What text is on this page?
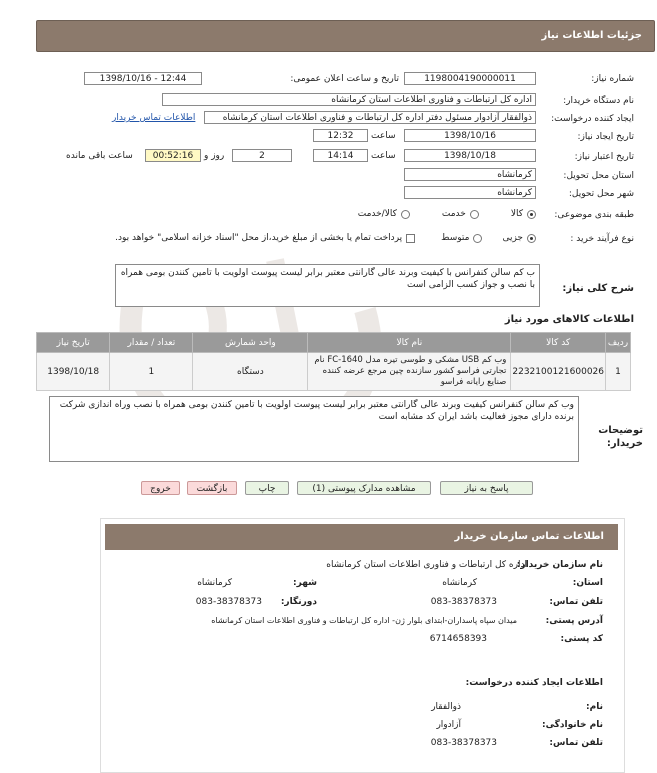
جزئیات اطلاعات نیاز
شماره نیاز:
1198004190000011
تاریخ و ساعت اعلان عمومی:
1398/10/16 - 12:44
نام دستگاه خریدار:
اداره کل ارتباطات و فناوری اطلاعات استان کرمانشاه
ایجاد کننده درخواست:
ذوالفقار آزادوار مسئول دفتر اداره کل ارتباطات و فناوری اطلاعات استان کرمانشاه
اطلاعات تماس خریدار
تاریخ ایجاد نیاز:
1398/10/16
ساعت
12:32
تاریخ اعتبار نیاز:
1398/10/18
ساعت
14:14
2
روز و
00:52:16
ساعت باقی مانده
استان محل تحویل:
کرمانشاه
شهر محل تحویل:
کرمانشاه
طبقه بندی موضوعی:
کالا
خدمت
کالا/خدمت
نوع فرآیند خرید :
جزیی
متوسط
پرداخت تمام یا بخشی از مبلغ خرید،از محل "اسناد خزانه اسلامی" خواهد بود.
شرح کلی نیاز:
ب کم سالن کنفرانس با کیفیت وبرند عالی گارانتی معتبر برابر لیست پیوست اولویت با تامین کنندن بومی همراه با نصب و جواز کسب الزامی است
اطلاعات کالاهای مورد نیاز
ردیف	کد کالا	نام کالا	واحد شمارش	تعداد / مقدار	تاریخ نیاز
1	2232100121600026	وب کم USB مشکی و طوسی تیره مدل FC-1640 نام تجارتی فراسو کشور سازنده چین مرجع عرضه کننده صنایع رایانه فراسو	دستگاه	1	1398/10/18
توضیحات خریدار:
وب کم سالن کنفرانس کیفیت وبرند عالی گارانتی معتبر برابر لیست پیوست اولویت با تامین کنندن بومی همراه با نصب وراه اندازی شرکت برنده دارای مجوز فعالیت باشد ایران کد مشابه است
پاسخ به نیاز
مشاهده مدارک پیوستی (1)
چاپ
بازگشت
خروج
اطلاعات تماس سازمان خریدار
نام سازمان خریدار:
اداره کل ارتباطات و فناوری اطلاعات استان کرمانشاه
استان:
کرمانشاه
شهر:
کرمانشاه
تلفن تماس:
083-38378373
دورنگار:
083-38378373
آدرس پستی:
میدان سپاه پاسداران-ابتدای بلوار ژن- اداره کل ارتباطات و فناوری اطلاعات استان کرمانشاه
کد پستی:
6714658393
اطلاعات ایجاد کننده درخواست:
نام:
ذوالفقار
نام خانوادگی:
آزادوار
تلفن تماس:
083-38378373
